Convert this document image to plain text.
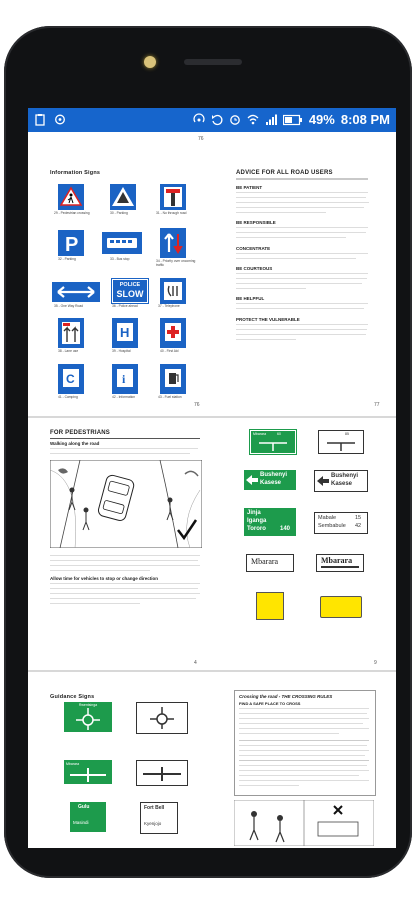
49% 8:08 PM
76
Information Signs
29 - Pedestrian crossing	30 - Parking	31 - No through road
P
32 - Parking	33 - Bus stop	34 - Priority over oncoming traffic
35 - One Way Road
POLICE
SLOW
36 - Police ahead	37 - Telephone
38 - Lane use
H
39 - Hospital	40 - First Aid
C
41 - Camping
i
42 - Information	43 - Fuel station
76
ADVICE FOR ALL ROAD USERS
BE PATIENT
BE RESPONSIBLE
CONCENTRATE
BE COURTEOUS
BE HELPFUL
PROTECT THE VULNERABLE
77
FOR PEDESTRIANS
Walking along the road
Allow time for vehicles to stop or change direction
4
Mbarara	60	85
Bushenyi
Kasese
Bushenyi
Kasese
Jinja
Iganga
Tororo 140
Mabale	15
Sembabule 42
Mbarara	Mbarara
9
Guidance Signs
Rwentsinga
Mbarara
Gulu
Masindi
Fort Bell
Kyenjojo
Crossing the road - THE CROSSING RULES
FIND A SAFE PLACE TO CROSS
